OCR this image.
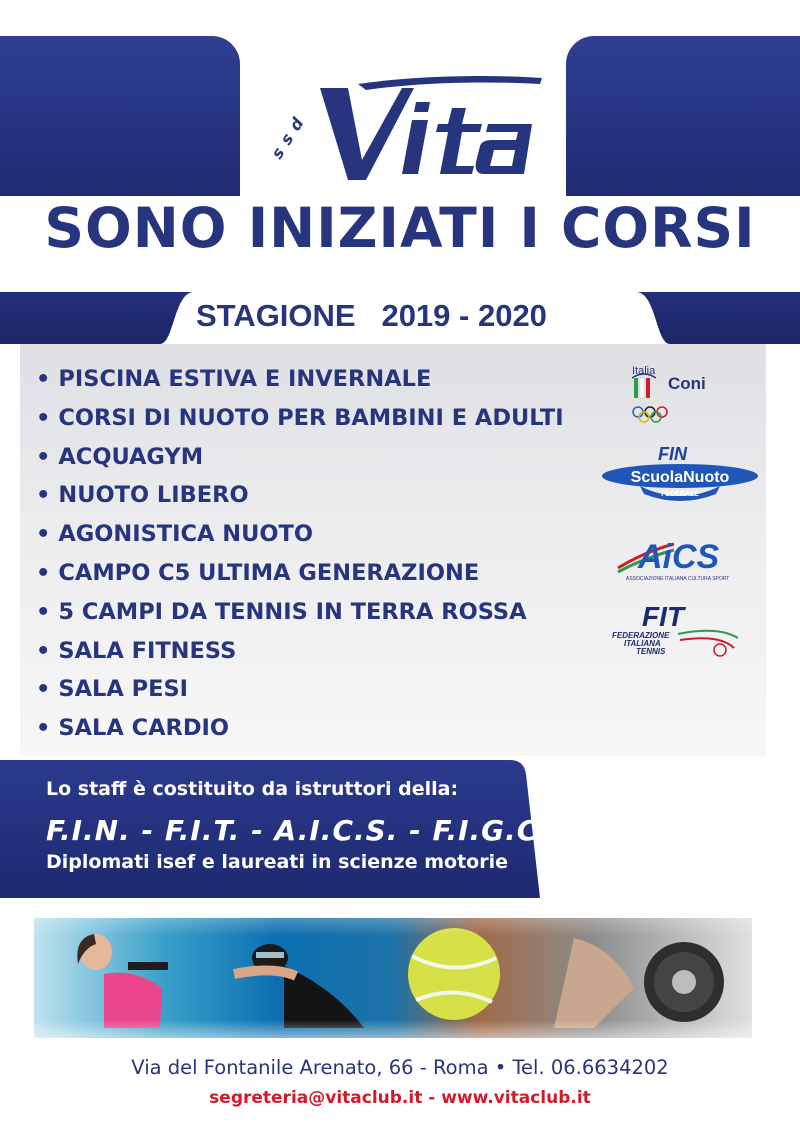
s
s
d
SONO INIZIATI I CORSI
STAGIONE 2019 - 2020
• PISCINA ESTIVA E INVERNALE
• CORSI DI NUOTO PER BAMBINI E ADULTI
• ACQUAGYM
• NUOTO LIBERO
• AGONISTICA NUOTO
• CAMPO C5 ULTIMA GENERAZIONE
• 5 CAMPI DA TENNIS IN TERRA ROSSA
• SALA FITNESS
• SALA PESI
• SALA CARDIO
Italia
Coni
FIN
ScuolaNuoto
FEDERALE
AiCS
ASSOCIAZIONE ITALIANA CULTURA SPORT
FIT
FEDERAZIONE
ITALIANA
TENNIS
Lo staff è costituito da istruttori della:
F.I.N. - F.I.T. - A.I.C.S. - F.I.G.C.
Diplomati isef e laureati in scienze motorie
Via del Fontanile Arenato, 66 - Roma • Tel. 06.6634202
segreteria@vitaclub.it - www.vitaclub.it
